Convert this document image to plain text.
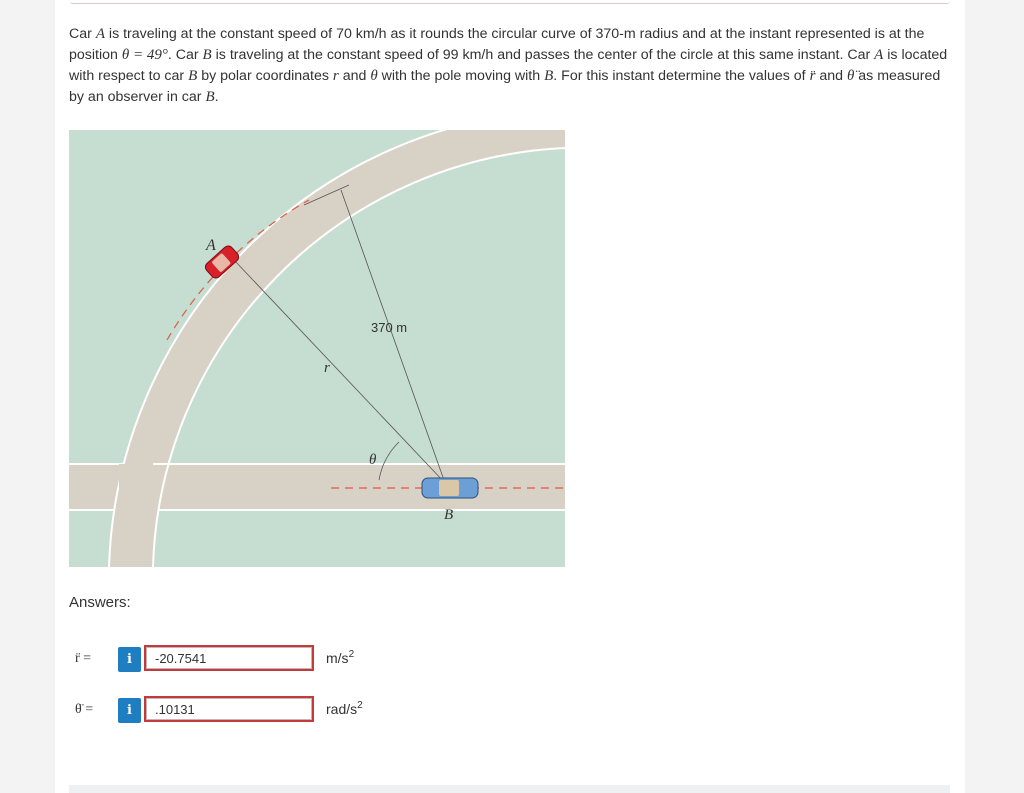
Car A is traveling at the constant speed of 70 km/h as it rounds the circular curve of 370-m radius and at the instant represented is at the position θ = 49°. Car B is traveling at the constant speed of 99 km/h and passes the center of the circle at this same instant. Car A is located with respect to car B by polar coordinates r and θ with the pole moving with B. For this instant determine the values of r̈ and θ̈ as measured by an observer in car B.
A
B
r
θ
370 m
Answers:
r̈ =	i
-20.7541	$m/s^2$
θ̈ =	i
.10131	rad/$s^2$
